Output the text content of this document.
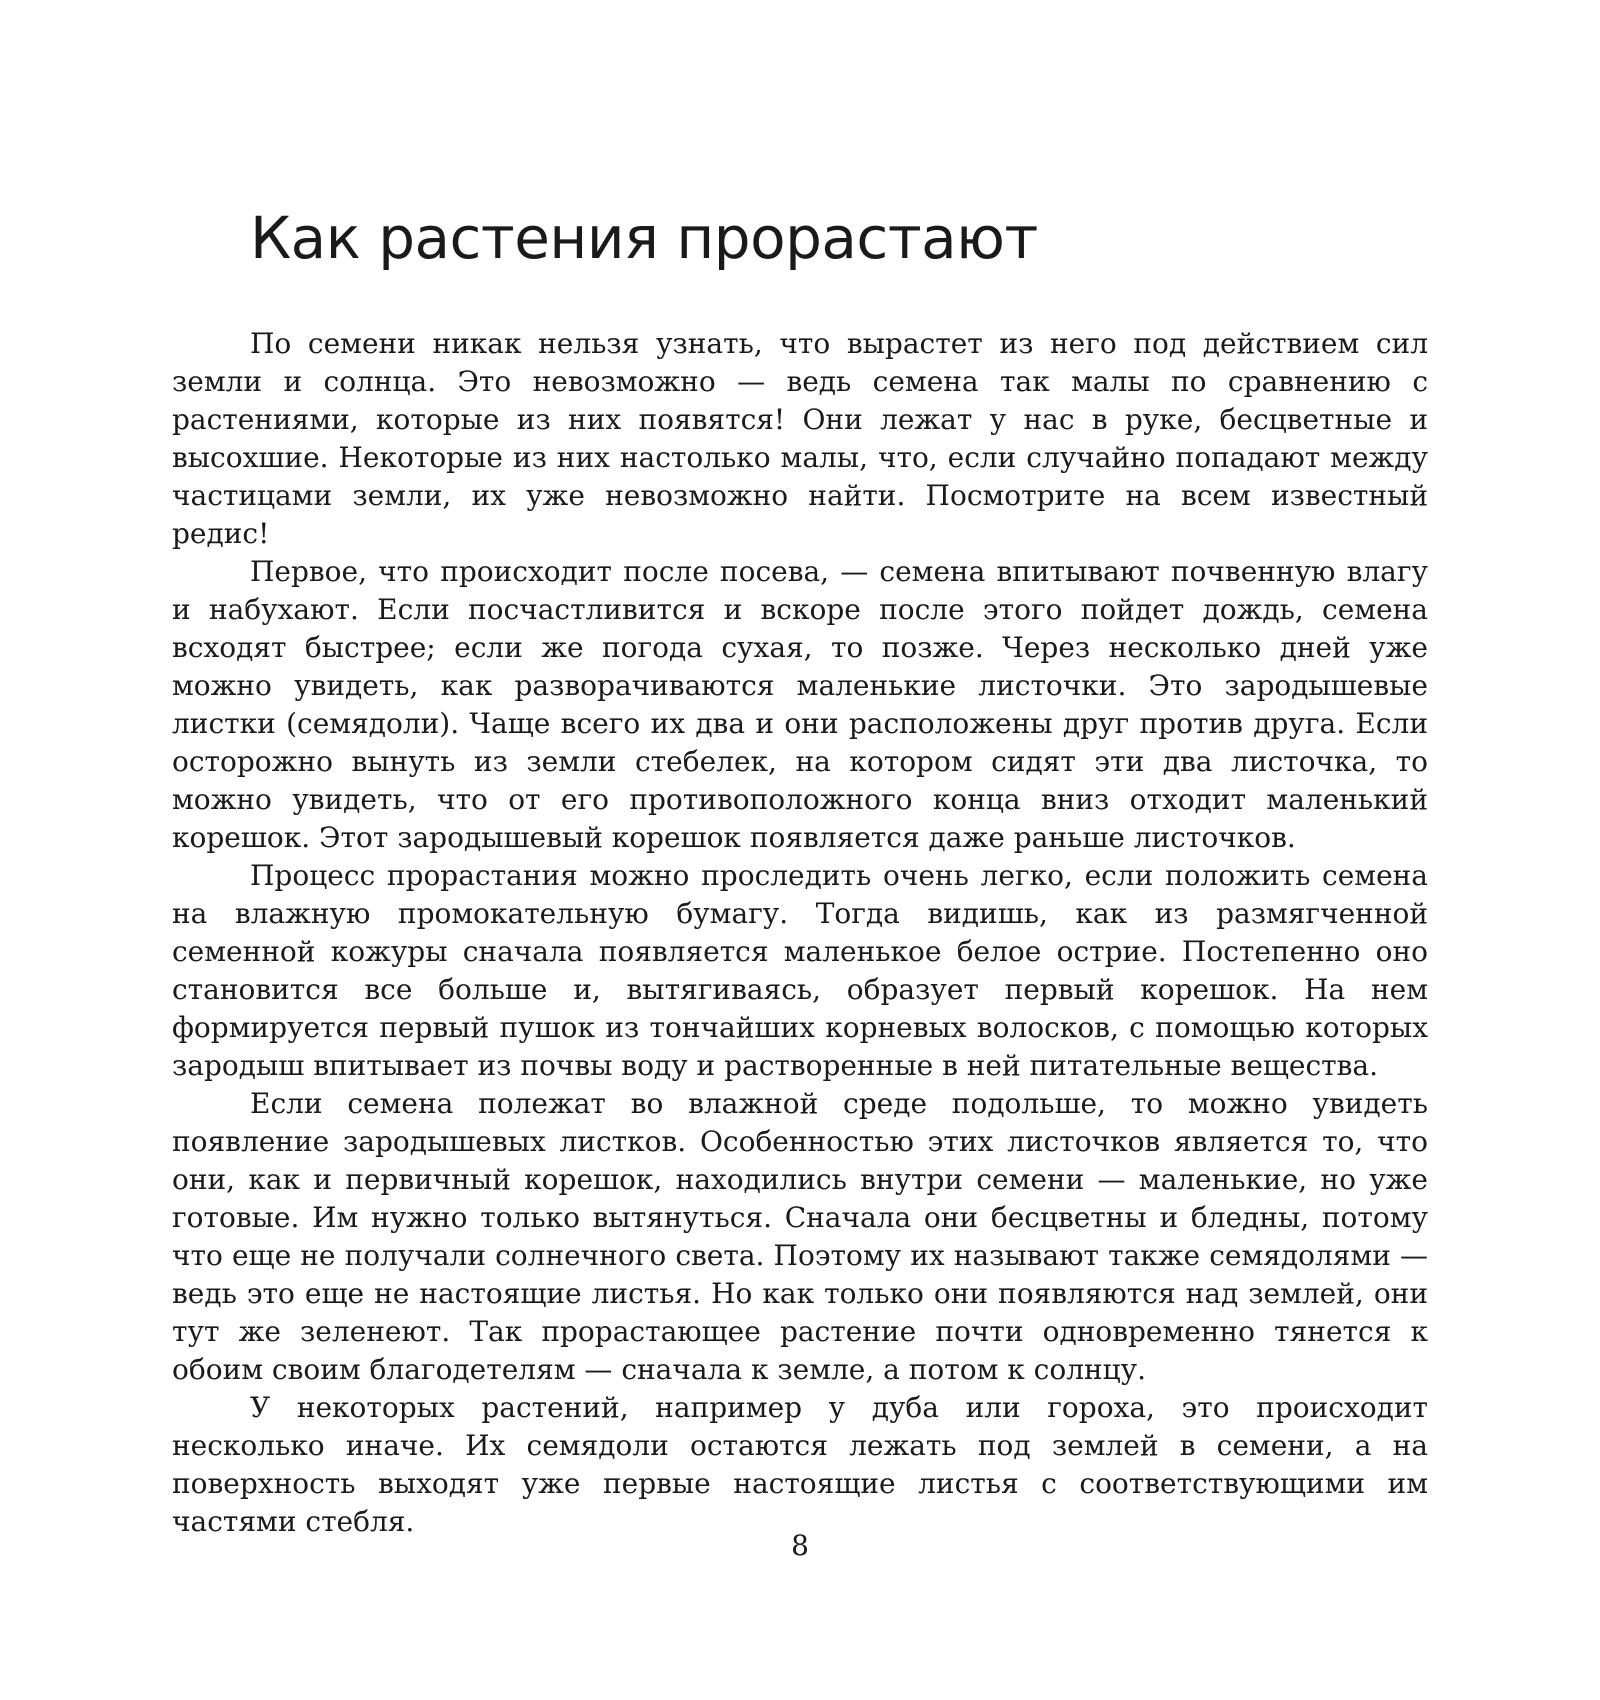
Как растения прорастают

По семени никак нельзя узнать, что вырастет из него под действием сил земли и солнца. Это невозможно — ведь семена так малы по сравнению с растениями, которые из них появятся! Они лежат у нас в руке, бесцветные и высохшие. Некоторые из них настолько малы, что, если случайно попадают между частицами земли, их уже невозможно найти. Посмотрите на всем известный редис!

Первое, что происходит после посева, — семена впитывают почвенную влагу и набухают. Если посчастливится и вскоре после этого пойдет дождь, семена всходят быстрее; если же погода сухая, то позже. Через несколько дней уже можно увидеть, как разворачиваются маленькие листочки. Это зародышевые листки (семядоли). Чаще всего их два и они расположены друг против друга. Если осторожно вынуть из земли стебелек, на котором сидят эти два листочка, то можно увидеть, что от его противоположного конца вниз отходит маленький корешок. Этот зародышевый корешок появляется даже раньше листочков.

Процесс прорастания можно проследить очень легко, если положить семена на влажную промокательную бумагу. Тогда видишь, как из размягченной семенной кожуры сначала появляется маленькое белое острие. Постепенно оно становится все больше и, вытягиваясь, образует первый корешок. На нем формируется первый пушок из тончайших корневых волосков, с помощью которых зародыш впитывает из почвы воду и растворенные в ней питательные вещества.

Если семена полежат во влажной среде подольше, то можно увидеть появление зародышевых листков. Особенностью этих листочков является то, что они, как и первичный корешок, находились внутри семени — маленькие, но уже готовые. Им нужно только вытянуться. Сначала они бесцветны и бледны, потому что еще не получали солнечного света. Поэтому их называют также семядолями — ведь это еще не настоящие листья. Но как только они появляются над землей, они тут же зеленеют. Так прорастающее растение почти одновременно тянется к обоим своим благодетелям — сначала к земле, а потом к солнцу.

У некоторых растений, например у дуба или гороха, это происходит несколько иначе. Их семядоли остаются лежать под землей в семени, а на поверхность выходят уже первые настоящие листья с соответствующими им частями стебля.

8
